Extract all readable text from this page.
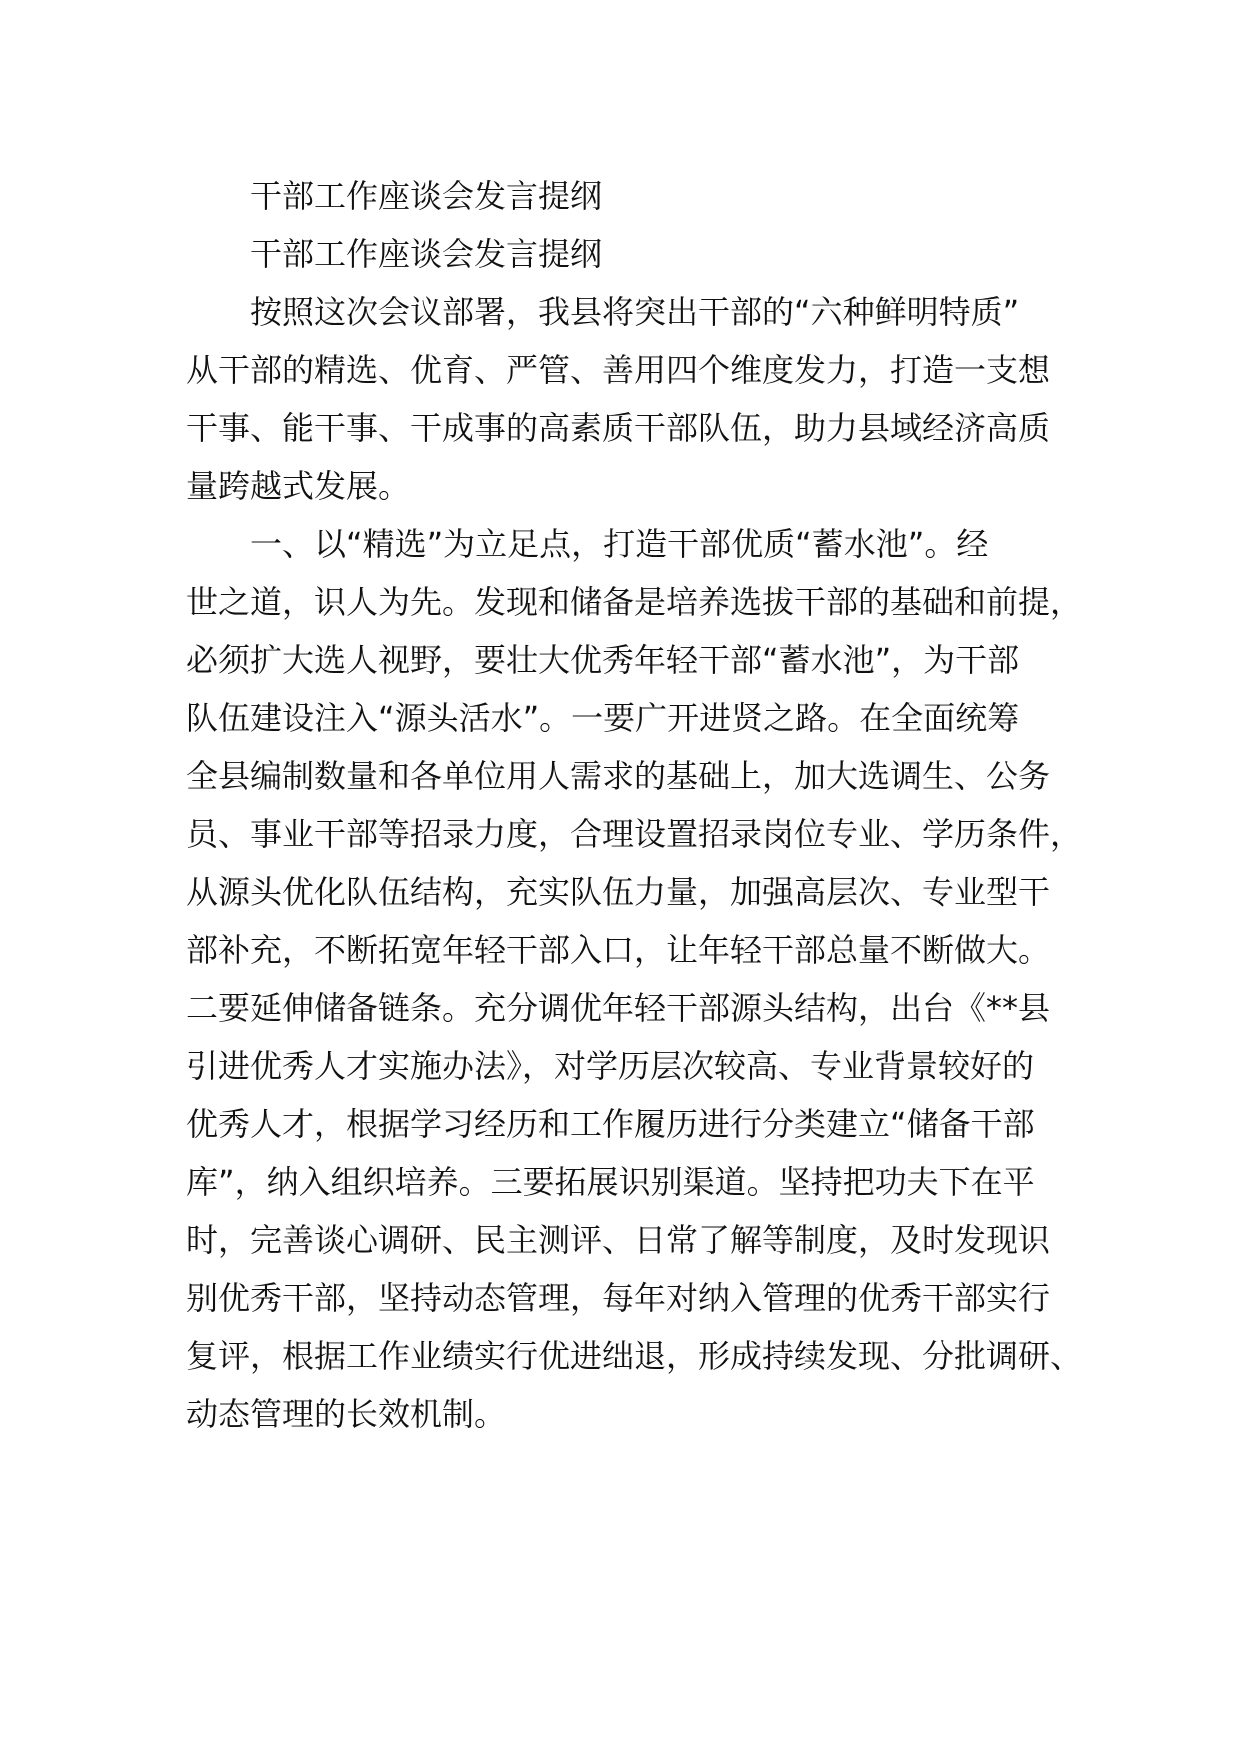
干部工作座谈会发言提纲
干部工作座谈会发言提纲
按照这次会议部署，我县将突出干部的“六种鲜明特质”
从干部的精选、优育、严管、善用四个维度发力，打造一支想
干事、能干事、干成事的高素质干部队伍，助力县域经济高质
量跨越式发展。
一、以“精选”为立足点，打造干部优质“蓄水池”。经
世之道，识人为先。发现和储备是培养选拔干部的基础和前提，
必须扩大选人视野，要壮大优秀年轻干部“蓄水池”，为干部
队伍建设注入“源头活水”。一要广开进贤之路。在全面统筹
全县编制数量和各单位用人需求的基础上，加大选调生、公务
员、事业干部等招录力度，合理设置招录岗位专业、学历条件，
从源头优化队伍结构，充实队伍力量，加强高层次、专业型干
部补充，不断拓宽年轻干部入口，让年轻干部总量不断做大。
二要延伸储备链条。充分调优年轻干部源头结构，出台《**县
引进优秀人才实施办法》，对学历层次较高、专业背景较好的
优秀人才，根据学习经历和工作履历进行分类建立“储备干部
库”，纳入组织培养。三要拓展识别渠道。坚持把功夫下在平
时，完善谈心调研、民主测评、日常了解等制度，及时发现识
别优秀干部，坚持动态管理，每年对纳入管理的优秀干部实行
复评，根据工作业绩实行优进绌退，形成持续发现、分批调研、
动态管理的长效机制。
